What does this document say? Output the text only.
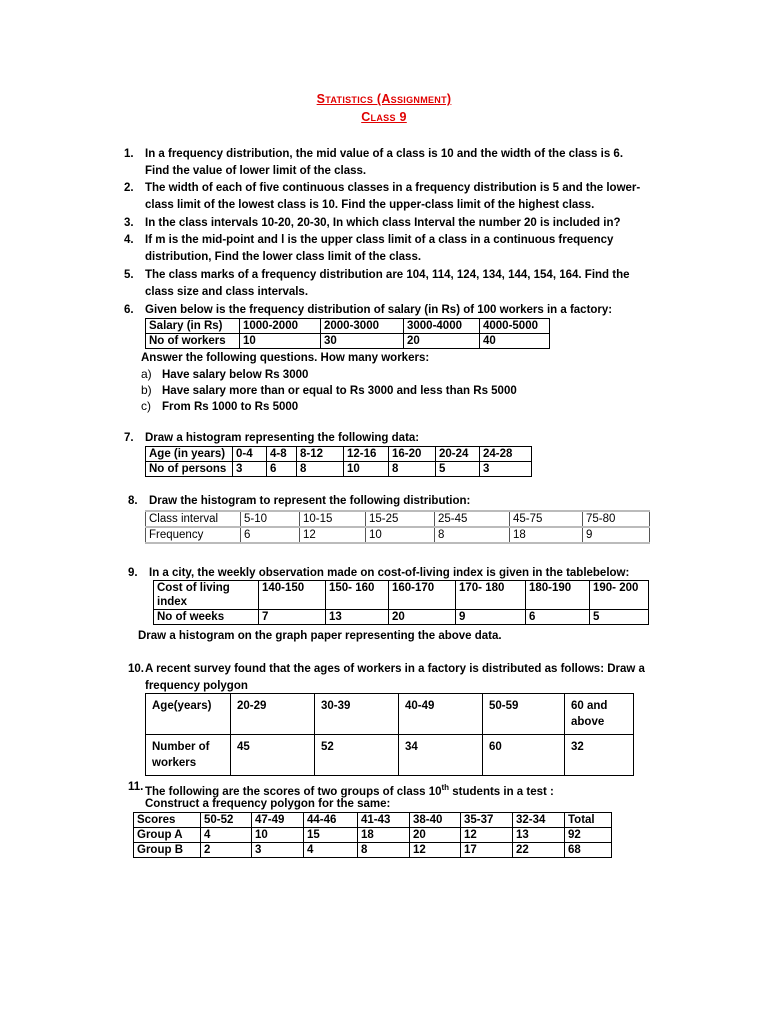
Statistics (Assignment)
Class 9
1. In a frequency distribution, the mid value of a class is 10 and the width of the class is 6. Find the value of lower limit of the class.
2. The width of each of five continuous classes in a frequency distribution is 5 and the lower-class limit of the lowest class is 10. Find the upper-class limit of the highest class.
3. In the class intervals 10-20, 20-30, In which class Interval the number 20 is included in?
4. If m is the mid-point and l is the upper class limit of a class in a continuous frequency distribution, Find the lower class limit of the class.
5. The class marks of a frequency distribution are 104, 114, 124, 134, 144, 154, 164. Find the class size and class intervals.
6. Given below is the frequency distribution of salary (in Rs) of 100 workers in a factory:
Salary (in Rs)	1000-2000	2000-3000	3000-4000	4000-5000
No of workers	10	30	20	40
Answer the following questions. How many workers:
a) Have salary below Rs 3000
b) Have salary more than or equal to Rs 3000 and less than Rs 5000
c) From Rs 1000 to Rs 5000
7. Draw a histogram representing the following data:
Age (in years)	0-4	4-8	8-12	12-16	16-20	20-24	24-28
No of persons	3	6	8	10	8	5	3
8. Draw the histogram to represent the following distribution:
Class interval	5-10	10-15	15-25	25-45	45-75	75-80
Frequency	6	12	10	8	18	9
9. In a city, the weekly observation made on cost-of-living index is given in the tablebelow:
Cost of living index	140-150	150- 160	160-170	170- 180	180-190	190- 200
No of weeks	7	13	20	9	6	5
Draw a histogram on the graph paper representing the above data.
10. A recent survey found that the ages of workers in a factory is distributed as follows: Draw a frequency polygon
Age(years)	20-29	30-39	40-49	50-59	60 and above
Number of workers	45	52	34	60	32
11. The following are the scores of two groups of class 10th students in a test :
Construct a frequency polygon for the same:
Scores	50-52	47-49	44-46	41-43	38-40	35-37	32-34	Total
Group A	4	10	15	18	20	12	13	92
Group B	2	3	4	8	12	17	22	68
